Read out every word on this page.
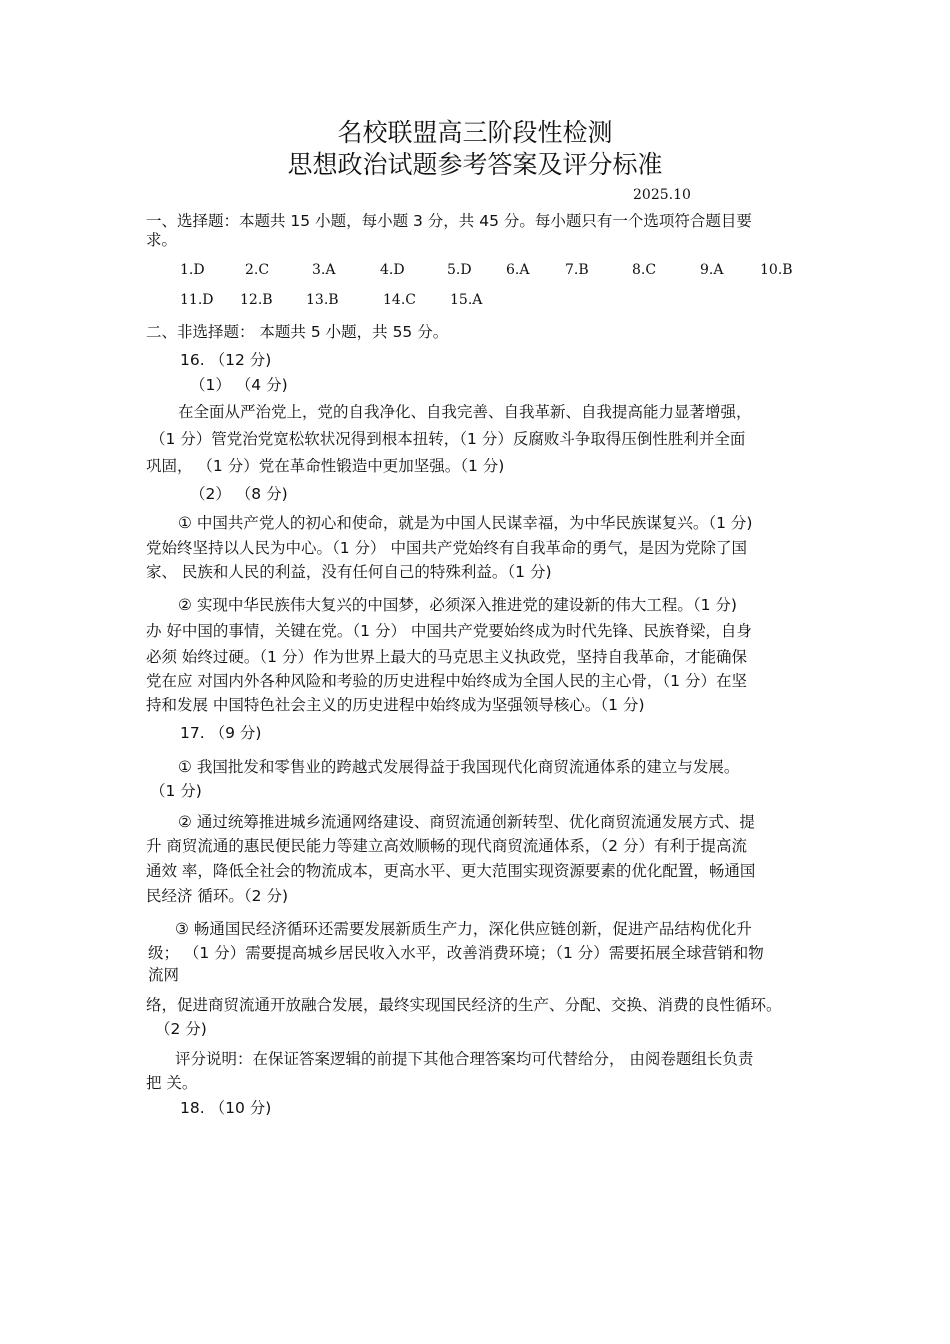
名校联盟高三阶段性检测
思想政治试题参考答案及评分标准
2025.10
一、选择题：本题共 15 小题，每小题 3 分，共 45 分。每小题只有一个选项符合题目要
求。
1.D	2.C	3.A	4.D	5.D 6.A	7.B	8.C	9.A	10.B
11.D 12.B 13.B	14.C 15.A
二、非选择题： 本题共 5 小题，共 55 分。
16. （12 分)
（1） （4 分)
在全面从严治党上，党的自我净化、自我完善、自我革新、自我提高能力显著增强，
（1 分）管党治党宽松软状况得到根本扭转，（1 分）反腐败斗争取得压倒性胜利并全面
巩固， （1 分）党在革命性锻造中更加坚强。（1 分)
（2） （8 分)
① 中国共产党人的初心和使命，就是为中国人民谋幸福，为中华民族谋复兴。（1 分)
党始终坚持以人民为中心。（1 分） 中国共产党始终有自我革命的勇气，是因为党除了国
家、 民族和人民的利益，没有任何自己的特殊利益。（1 分)
② 实现中华民族伟大复兴的中国梦，必须深入推进党的建设新的伟大工程。（1 分)
办 好中国的事情，关键在党。（1 分） 中国共产党要始终成为时代先锋、民族脊梁，自身
必须 始终过硬。（1 分）作为世界上最大的马克思主义执政党，坚持自我革命，才能确保
党在应 对国内外各种风险和考验的历史进程中始终成为全国人民的主心骨，（1 分）在坚
持和发展 中国特色社会主义的历史进程中始终成为坚强领导核心。（1 分)
17. （9 分)
① 我国批发和零售业的跨越式发展得益于我国现代化商贸流通体系的建立与发展。
（1 分)
② 通过统筹推进城乡流通网络建设、商贸流通创新转型、优化商贸流通发展方式、提
升 商贸流通的惠民便民能力等建立高效顺畅的现代商贸流通体系，（2 分）有利于提高流
通效 率，降低全社会的物流成本，更高水平、更大范围实现资源要素的优化配置，畅通国
民经济 循环。（2 分)
③ 畅通国民经济循环还需要发展新质生产力，深化供应链创新，促进产品结构优化升
级； （1 分）需要提高城乡居民收入水平，改善消费环境；（1 分）需要拓展全球营销和物
流网
络，促进商贸流通开放融合发展，最终实现国民经济的生产、分配、交换、消费的良性循环。
（2 分)
评分说明：在保证答案逻辑的前提下其他合理答案均可代替给分， 由阅卷题组长负责
把 关。
18. （10 分)
